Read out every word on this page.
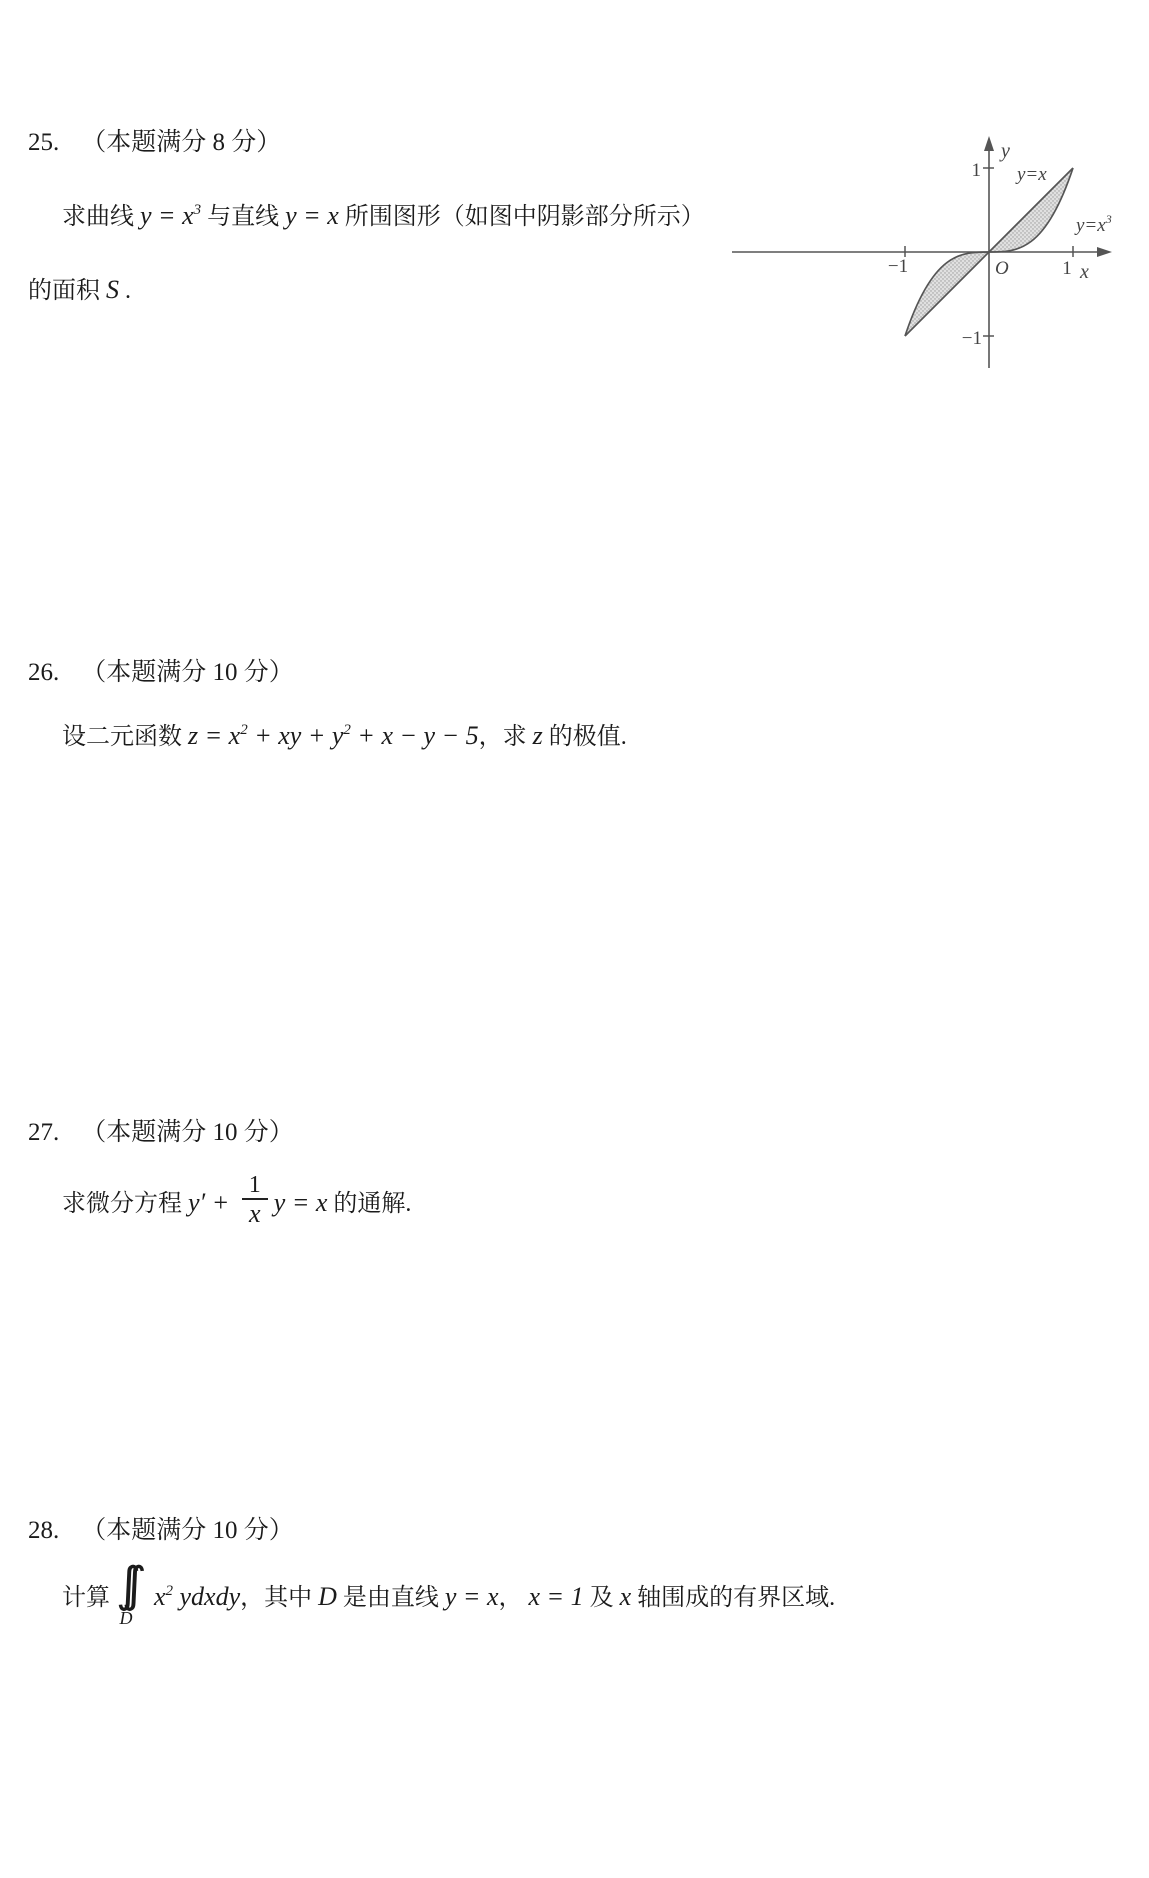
25. （本题满分 8 分）
求曲线 $y = x^3$ 与直线 y = x 所围图形（如图中阴影部分所示）
的面积 S .
y
1 y=x
$y=x^3$
−1	O	1 x
−1
26. （本题满分 10 分）
设二元函数 $z = x^2$ + xy + $y^2 + x - y - 5$，求 z 的极值.
27. （本题满分 10 分）
求微分方程 $y' + \frac{1}{x}$ y = x 的通解.
28. （本题满分 10 分）
计算 ∫∫
D
$x^2$ ydxdy，其中 D 是由直线 y = x， x = 1 及 x 轴围成的有界区域.
